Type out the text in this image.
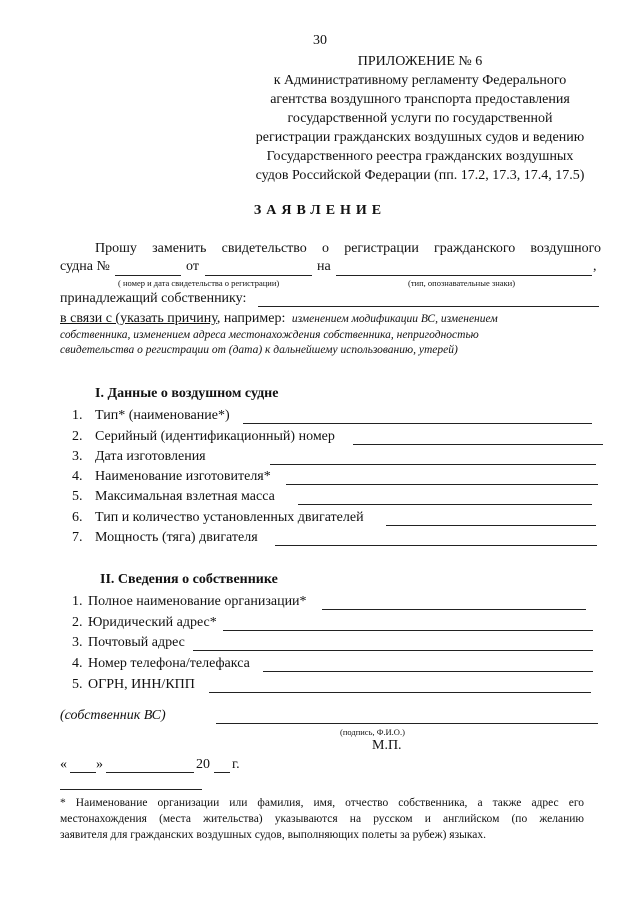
30
ПРИЛОЖЕНИЕ № 6
к Административному регламенту Федерального
агентства воздушного транспорта предоставления
государственной услуги по государственной
регистрации гражданских воздушных судов и ведению
Государственного реестра гражданских воздушных
судов Российской Федерации (пп. 17.2, 17.3, 17.4, 17.5)
ЗАЯВЛЕНИЕ
Прошу заменить свидетельство о регистрации гражданского воздушного
судна №	от	на	,
( номер и дата свидетельства о регистрации)	(тип, опознавательные знаки)
принадлежащий собственнику:
в связи с (указать причину, например: изменением модификации ВС, изменением
собственника, изменением адреса местонахождения собственника, непригодностью
свидетельства о регистрации от (дата) к дальнейшему использованию, утерей)
I. Данные о воздушном судне
1. Тип* (наименование*)
2. Серийный (идентификационный) номер
3. Дата изготовления
4. Наименование изготовителя*
5. Максимальная взлетная масса
6. Тип и количество установленных двигателей
7. Мощность (тяга) двигателя
II. Сведения о собственнике
1. Полное наименование организации*
2. Юридический адрес*
3. Почтовый адрес
4. Номер телефона/телефакса
5. ОГРН, ИНН/КПП
(собственник ВС)
(подпись, Ф.И.О.)
М.П.
« »	20 г.
* Наименование организации или фамилия, имя, отчество собственника, а также адрес его
местонахождения (места жительства) указываются на русском и английском (по желанию
заявителя для гражданских воздушных судов, выполняющих полеты за рубеж) языках.
